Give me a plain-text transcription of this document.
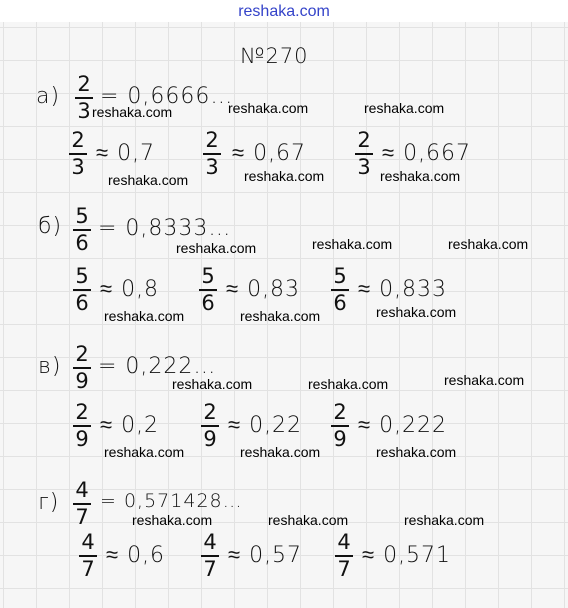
reshaka.com
№270
а) 2
3
= 0,6666…
2
3
≈ 0,7
2
3
≈ 0,67
2
3
≈ 0,667
б) 5
6
= 0,8333…
5
6
≈ 0,8
5
6
≈ 0,83
5
6
≈ 0,833
в) 2
9
= 0,222…
2
9
≈ 0,2
2
9
≈ 0,22
2
9
≈ 0,222
г) 4
7
= 0,571428…
4
7
≈ 0,6
4
7
≈ 0,57
4
7
≈ 0,571
reshaka.com	reshaka.com
reshaka.com
reshaka.com	reshaka.com	reshaka.com
reshaka.com	reshaka.com	reshaka.com
reshaka.com	reshaka.com	reshaka.com
reshaka.com	reshaka.com	reshaka.com
reshaka.com	reshaka.com	reshaka.com
reshaka.com	reshaka.com	reshaka.com
